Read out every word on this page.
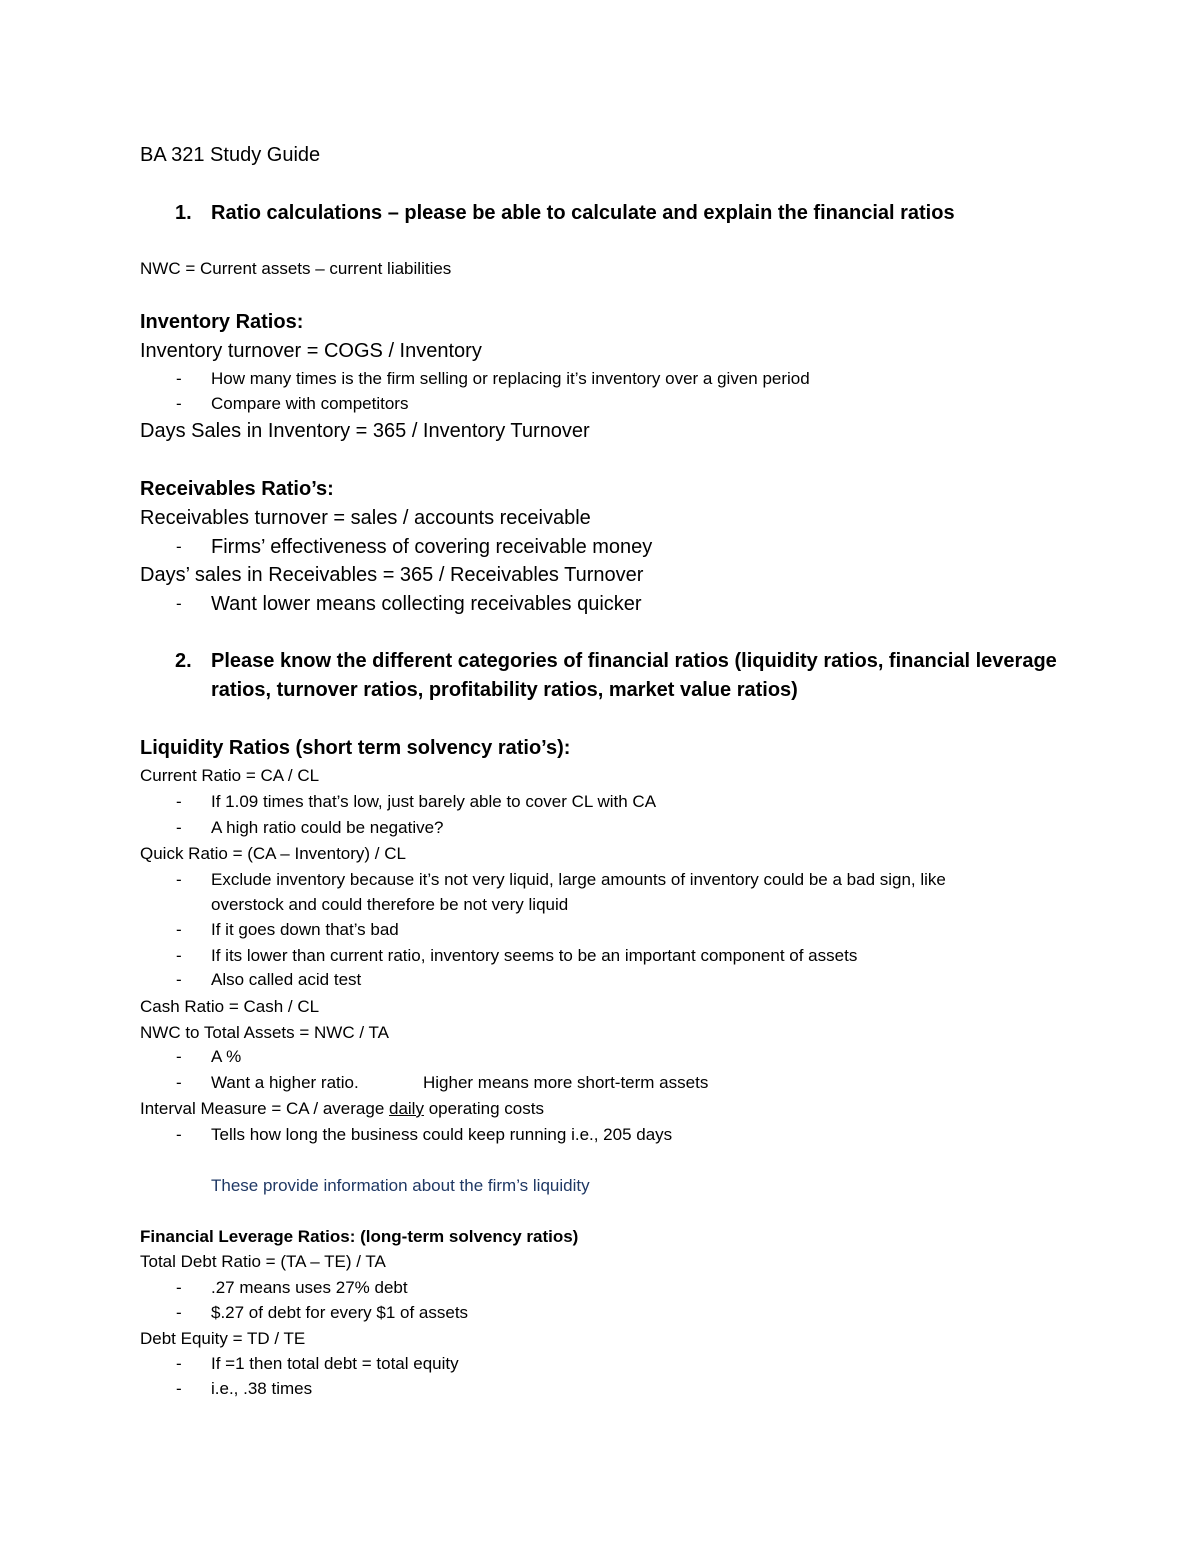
BA 321 Study Guide
1. Ratio calculations – please be able to calculate and explain the financial ratios
NWC = Current assets – current liabilities
Inventory Ratios:
Inventory turnover = COGS / Inventory
- How many times is the firm selling or replacing it’s inventory over a given period
- Compare with competitors
Days Sales in Inventory = 365 / Inventory Turnover
Receivables Ratio’s:
Receivables turnover = sales / accounts receivable
- Firms’ effectiveness of covering receivable money
Days’ sales in Receivables = 365 / Receivables Turnover
- Want lower means collecting receivables quicker
2. Please know the different categories of financial ratios (liquidity ratios, financial leverage
ratios, turnover ratios, profitability ratios, market value ratios)
Liquidity Ratios (short term solvency ratio’s):
Current Ratio = CA / CL
- If 1.09 times that’s low, just barely able to cover CL with CA
- A high ratio could be negative?
Quick Ratio = (CA – Inventory) / CL
- Exclude inventory because it’s not very liquid, large amounts of inventory could be a bad sign, like
overstock and could therefore be not very liquid
- If it goes down that’s bad
- If its lower than current ratio, inventory seems to be an important component of assets
- Also called acid test
Cash Ratio = Cash / CL
NWC to Total Assets = NWC / TA
- A %
- Want a higher ratio.	Higher means more short-term assets
Interval Measure = CA / average daily operating costs
- Tells how long the business could keep running i.e., 205 days
These provide information about the firm’s liquidity
Financial Leverage Ratios: (long-term solvency ratios)
Total Debt Ratio = (TA – TE) / TA
- .27 means uses 27% debt
- $.27 of debt for every $1 of assets
Debt Equity = TD / TE
- If =1 then total debt = total equity
- i.e., .38 times
